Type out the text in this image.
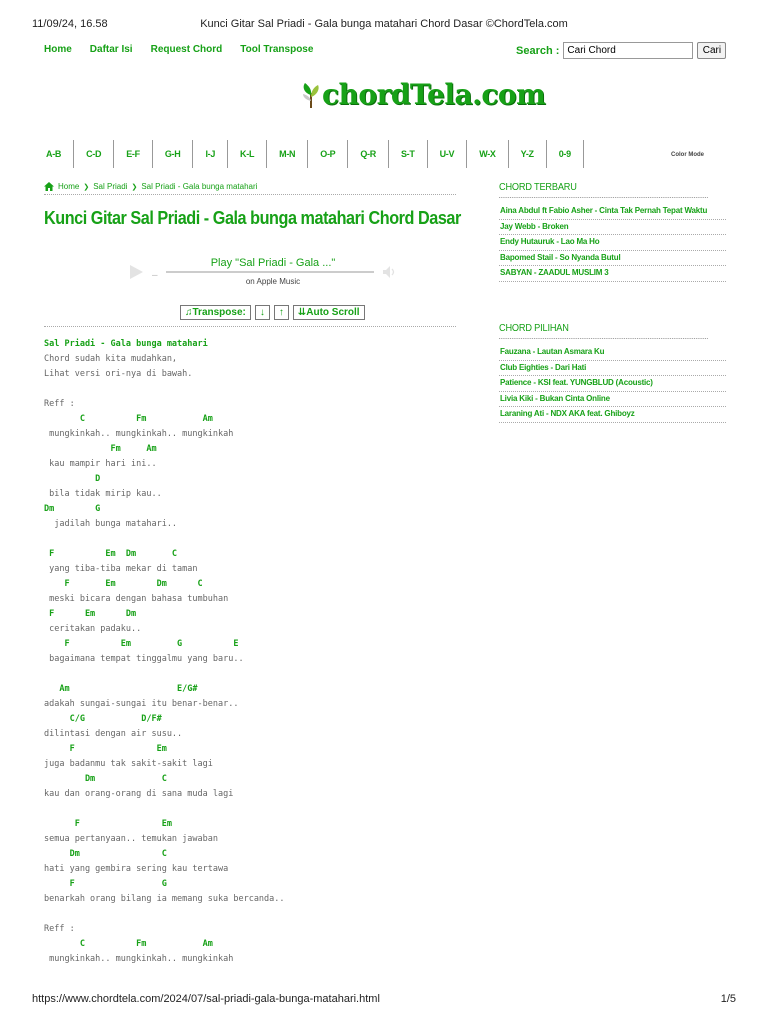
11/09/24, 16.58	Kunci Gitar Sal Priadi - Gala bunga matahari Chord Dasar ©ChordTela.com
Home Daftar Isi Request Chord Tool Transpose	Search :
Cari Chord	Cari
chordTela.com
A-B	C-D	E-F	G-H	I-J	K-L	M-N	O-P	Q-R	S-T	U-V	W-X	Y-Z	0-9	Color Mode
Home ❯ Sal Priadi ❯ Sal Priadi - Gala bunga matahari
Kunci Gitar Sal Priadi - Gala bunga matahari Chord Dasar
–
Play "Sal Priadi - Gala ..."
on Apple Music
♫Transpose:	↓	↑	⇊Auto Scroll
Sal Priadi - Gala bunga matahari
Chord sudah kita mudahkan,
Lihat versi ori-nya di bawah.
Reff :
C          Fm           Am
mungkinkah.. mungkinkah.. mungkinkah
Fm     Am
kau mampir hari ini..
D
bila tidak mirip kau..
Dm        G
jadilah bunga matahari..
F          Em  Dm       C
yang tiba-tiba mekar di taman
F       Em        Dm      C
meski bicara dengan bahasa tumbuhan
F      Em      Dm
ceritakan padaku..
F          Em         G          E
bagaimana tempat tinggalmu yang baru..
Am                     E/G#
adakah sungai-sungai itu benar-benar..
C/G           D/F#
dilintasi dengan air susu..
F                Em
juga badanmu tak sakit-sakit lagi
Dm             C
kau dan orang-orang di sana muda lagi
F                Em
semua pertanyaan.. temukan jawaban
Dm                C
hati yang gembira sering kau tertawa
F                 G
benarkah orang bilang ia memang suka bercanda..
Reff :
C          Fm           Am
mungkinkah.. mungkinkah.. mungkinkah
CHORD TERBARU
Aina Abdul ft Fabio Asher - Cinta Tak Pernah Tepat Waktu
Jay Webb - Broken
Endy Hutauruk - Lao Ma Ho
Bapomed Stail - So Nyanda Butul
SABYAN - ZAADUL MUSLIM 3
CHORD PILIHAN
Fauzana - Lautan Asmara Ku
Club Eighties - Dari Hati
Patience - KSI feat. YUNGBLUD (Acoustic)
Livia Kiki - Bukan Cinta Online
Laraning Ati - NDX AKA feat. Ghiboyz
https://www.chordtela.com/2024/07/sal-priadi-gala-bunga-matahari.html	1/5
